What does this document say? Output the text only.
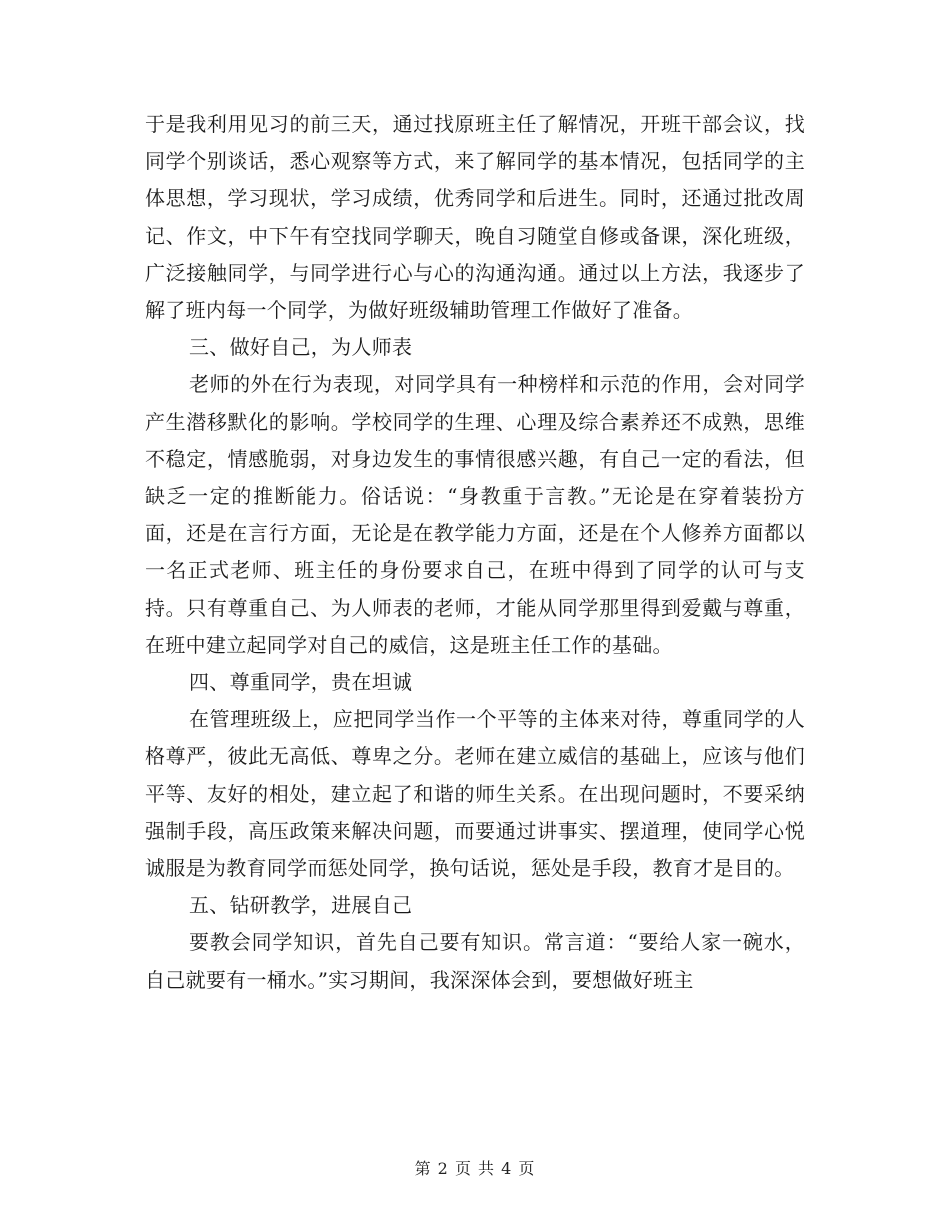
于是我利用见习的前三天，通过找原班主任了解情况，开班干部会议，找同学个别谈话，悉心观察等方式，来了解同学的基本情况，包括同学的主体思想，学习现状，学习成绩，优秀同学和后进生。同时，还通过批改周记、作文，中下午有空找同学聊天，晚自习随堂自修或备课，深化班级，广泛接触同学，与同学进行心与心的沟通沟通。通过以上方法，我逐步了解了班内每一个同学，为做好班级辅助管理工作做好了准备。

三、做好自己，为人师表

老师的外在行为表现，对同学具有一种榜样和示范的作用，会对同学产生潜移默化的影响。学校同学的生理、心理及综合素养还不成熟，思维不稳定，情感脆弱，对身边发生的事情很感兴趣，有自己一定的看法，但缺乏一定的推断能力。俗话说：“身教重于言教。”无论是在穿着装扮方面，还是在言行方面，无论是在教学能力方面，还是在个人修养方面都以一名正式老师、班主任的身份要求自己，在班中得到了同学的认可与支持。只有尊重自己、为人师表的老师，才能从同学那里得到爱戴与尊重，在班中建立起同学对自己的威信，这是班主任工作的基础。

四、尊重同学，贵在坦诚

在管理班级上，应把同学当作一个平等的主体来对待，尊重同学的人格尊严，彼此无高低、尊卑之分。老师在建立威信的基础上，应该与他们平等、友好的相处，建立起了和谐的师生关系。在出现问题时，不要采纳强制手段，高压政策来解决问题，而要通过讲事实、摆道理，使同学心悦诚服是为教育同学而惩处同学，换句话说，惩处是手段，教育才是目的。

五、钻研教学，进展自己

要教会同学知识，首先自己要有知识。常言道：“要给人家一碗水，自己就要有一桶水。”实习期间，我深深体会到，要想做好班主

第 2 页 共 4 页
